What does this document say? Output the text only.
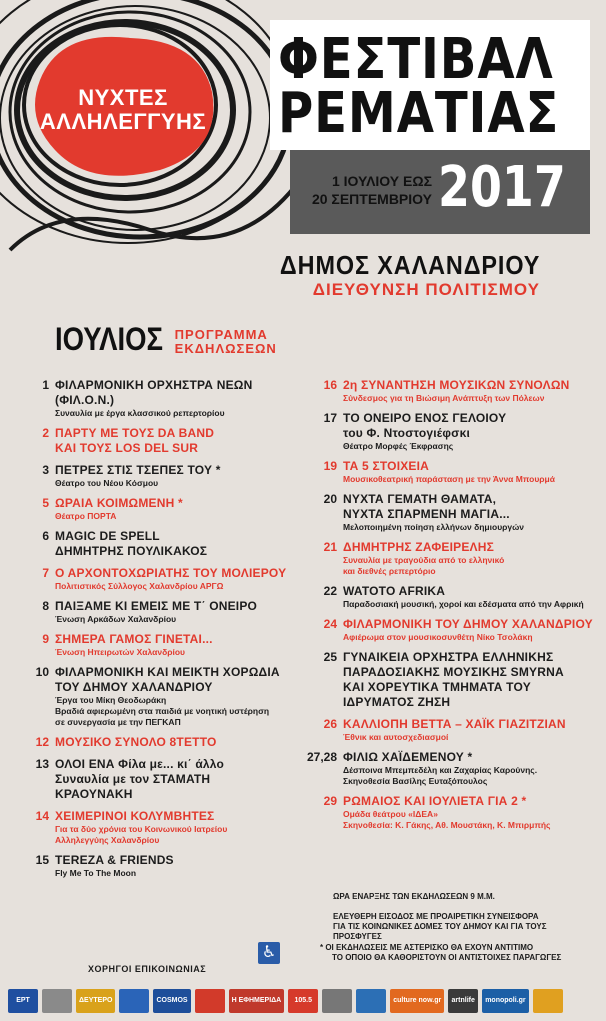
ΝΥΧΤΕΣ
ΑΛΛΗΛΕΓΓΥΗΣ
ΦΕΣΤΙΒΑΛ
ΡΕΜΑΤΙΑΣ
1 ΙΟΥΛΙΟΥ ΕΩΣ
20 ΣΕΠΤΕΜΒΡΙΟΥ 2017
ΔΗΜΟΣ ΧΑΛΑΝΔΡΙΟΥ
ΔΙΕΥΘΥΝΣΗ ΠΟΛΙΤΙΣΜΟΥ
ΙΟΥΛΙΟΣ ΠΡΟΓΡΑΜΜΑ
ΕΚΔΗΛΩΣΕΩΝ
1 ΦΙΛΑΡΜΟΝΙΚΗ ΟΡΧΗΣΤΡΑ ΝΕΩΝ
(ΦΙΛ.Ο.Ν.)
Συναυλία με έργα κλασσικού ρεπερτορίου
2 ΠΑΡΤΥ ΜΕ ΤΟΥΣ DA BAND
ΚΑΙ ΤΟΥΣ LOS DEL SUR
3 ΠΕΤΡΕΣ ΣΤΙΣ ΤΣΕΠΕΣ ΤΟΥ *
Θέατρο του Νέου Κόσμου
5 ΩΡΑΙΑ ΚΟΙΜΩΜΕΝΗ *
Θέατρο ΠΟΡΤΑ
6 MAGIC DE SPELL
ΔΗΜΗΤΡΗΣ ΠΟΥΛΙΚΑΚΟΣ
7 Ο ΑΡΧΟΝΤΟΧΩΡΙΑΤΗΣ ΤΟΥ ΜΟΛΙΕΡΟΥ
Πολιτιστικός Σύλλογος Χαλανδρίου ΑΡΓΩ
8 ΠΑΙΞΑΜΕ ΚΙ ΕΜΕΙΣ ΜΕ Τ΄ ΟΝΕΙΡΟ
Ένωση Αρκάδων Χαλανδρίου
9 ΣΗΜΕΡΑ ΓΑΜΟΣ ΓΙΝΕΤΑΙ...
Ένωση Ηπειρωτών Χαλανδρίου
10 ΦΙΛΑΡΜΟΝΙΚΗ ΚΑΙ ΜΕΙΚΤΗ ΧΟΡΩΔΙΑ
ΤΟΥ ΔΗΜΟΥ ΧΑΛΑΝΔΡΙΟΥ
Έργα του Μίκη Θεοδωράκη
Βραδιά αφιερωμένη στα παιδιά με νοητική υστέρηση
σε συνεργασία με την ΠΕΓΚΑΠ
12 ΜΟΥΣΙΚΟ ΣΥΝΟΛΟ 8ΤΕΤΤΟ
13 ΟΛΟΙ ΕΝΑ Φίλα με... κι΄ άλλο
Συναυλία με τον ΣΤΑΜΑΤΗ
ΚΡΑΟΥΝΑΚΗ
14 ΧΕΙΜΕΡΙΝΟΙ ΚΟΛΥΜΒΗΤΕΣ
Για τα δύο χρόνια του Κοινωνικού Ιατρείου
Αλληλεγγύης Χαλανδρίου
15 TEREZA & FRIENDS
Fly Me To The Moon
16 2η ΣΥΝΑΝΤΗΣΗ ΜΟΥΣΙΚΩΝ ΣΥΝΟΛΩΝ
Σύνδεσμος για τη Βιώσιμη Ανάπτυξη των Πόλεων
17 ΤΟ ΟΝΕΙΡΟ ΕΝΟΣ ΓΕΛΟΙΟΥ
του Φ. Ντοστογιέφσκι
Θέατρο Μορφές Έκφρασης
19 ΤΑ 5 ΣΤΟΙΧΕΙΑ
Μουσικοθεατρική παράσταση με την Άννα Μπουρμά
20 ΝΥΧΤΑ ΓΕΜΑΤΗ ΘΑΜΑΤΑ,
ΝΥΧΤΑ ΣΠΑΡΜΕΝΗ ΜΑΓΙΑ...
Μελοποιημένη ποίηση ελλήνων δημιουργών
21 ΔΗΜΗΤΡΗΣ ΖΑΦΕΙΡΕΛΗΣ
Συναυλία με τραγούδια από το ελληνικό
και διεθνές ρεπερτόριο
22 WATOTO AFRIKA
Παραδοσιακή μουσική, χοροί και εδέσματα από την Αφρική
24 ΦΙΛΑΡΜΟΝΙΚΗ ΤΟΥ ΔΗΜΟΥ ΧΑΛΑΝΔΡΙΟΥ
Αφιέρωμα στον μουσικοσυνθέτη Νίκο Τσολάκη
25 ΓΥΝΑΙΚΕΙΑ ΟΡΧΗΣΤΡΑ ΕΛΛΗΝΙΚΗΣ
ΠΑΡΑΔΟΣΙΑΚΗΣ ΜΟΥΣΙΚΗΣ SMYRNA
ΚΑΙ ΧΟΡΕΥΤΙΚΑ ΤΜΗΜΑΤΑ ΤΟΥ
ΙΔΡΥΜΑΤΟΣ ΖΗΣΗ
26 ΚΑΛΛΙΟΠΗ ΒΕΤΤΑ – ΧΑΪΚ ΓΙΑΖΙΤΖΙΑΝ
Έθνικ και αυτοσχεδιασμοί
27,28 ΦΙΛΙΩ ΧΑΪΔΕΜΕΝΟΥ *
Δέσποινα Μπεμπεδέλη και Ζαχαρίας Καρούνης.
Σκηνοθεσία Βασίλης Ευταξόπουλος
29 ΡΩΜΑΙΟΣ ΚΑΙ ΙΟΥΛΙΕΤΑ ΓΙΑ 2 *
Ομάδα θεάτρου «ΙΔΕΑ»
Σκηνοθεσία: Κ. Γάκης, Αθ. Μουστάκη, Κ. Μπιρμπής
ΩΡΑ ΕΝΑΡΞΗΣ ΤΩΝ ΕΚΔΗΛΩΣΕΩΝ 9 Μ.Μ.
ΕΛΕΥΘΕΡΗ ΕΙΣΟΔΟΣ ΜΕ ΠΡΟΑΙΡΕΤΙΚΗ ΣΥΝΕΙΣΦΟΡΑ
ΓΙΑ ΤΙΣ ΚΟΙΝΩΝΙΚΕΣ ΔΟΜΕΣ ΤΟΥ ΔΗΜΟΥ ΚΑΙ ΓΙΑ ΤΟΥΣ
ΠΡΟΣΦΥΓΕΣ
* ΟΙ ΕΚΔΗΛΩΣΕΙΣ ΜΕ ΑΣΤΕΡΙΣΚΟ ΘΑ ΕΧΟΥΝ ΑΝΤΙΤΙΜΟ
ΤΟ ΟΠΟΙΟ ΘΑ ΚΑΘΟΡΙΣΤΟΥΝ ΟΙ ΑΝΤΙΣΤΟΙΧΕΣ ΠΑΡΑΓΩΓΕΣ
♿
ΧΟΡΗΓΟΙ ΕΠΙΚΟΙΝΩΝΙΑΣ
ΕΡΤ	ΔΕΥΤΕΡΟ	COSMOS	Η ΕΦΗΜΕΡΙΔΑ	105.5	culture now.gr	artnlife	monopoli.gr
